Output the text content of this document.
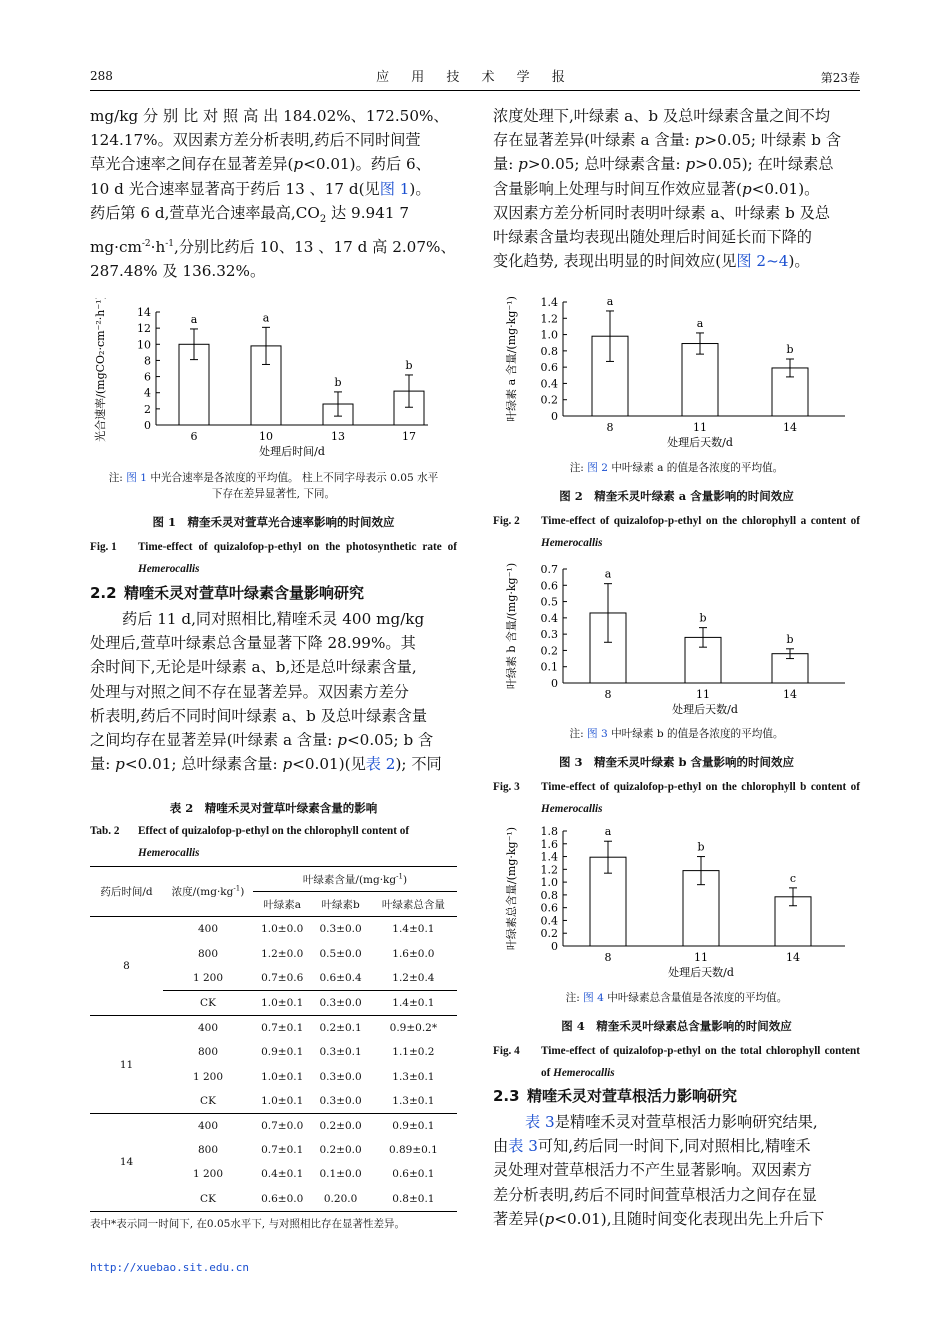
288	应 用 技 术 学 报	第23卷

mg/kg 分 别 比 对 照 高 出 184.02%、172.50%、
124.17%。双因素方差分析表明,药后不同时间萱
草光合速率之间存在显著差异(p<0.01)。药后 6、
10 d 光合速率显著高于药后 13 、17 d(见图 1)。
药后第 6 d,萱草光合速率最高$,CO_2$ 达 9.941 7
$mg\cdot cm^{-2}\cdot h^{-1}$,分别比药后 10、13 、17 d 高 2.07%、
287.48% 及 136.32%。

0
2
4
6
8
10
12
14
光合速率/(mgCO₂·cm⁻²·h⁻¹)	a
6
a
10
b
13
b
17
处理后时间/d
注: 图 1 中光合速率是各浓度的平均值。 柱上不同字母表示 0.05 水平
下存在差异显著性, 下同。
图 1　精奎禾灵对萱草光合速率影响的时间效应
Fig. 1	Time-effect of quizalofop-p-ethyl on the photosynthetic rate of Hemerocallis
2.2 精喹禾灵对萱草叶绿素含量影响研究

药后 11 d,同对照相比,精喹禾灵 400 mg/kg
处理后,萱草叶绿素总含量显著下降 28.99%。其
余时间下,无论是叶绿素 a、b,还是总叶绿素含量,
处理与对照之间不存在显著差异。双因素方差分
析表明,药后不同时间叶绿素 a、b 及总叶绿素含量
之间均存在显著差异(叶绿素 a 含量: p<0.05; b 含
量: p<0.01; 总叶绿素含量: p<0.01)(见表 2); 不同

表 2　精喹禾灵对萱草叶绿素含量的影响
Tab. 2	Effect of quizalofop-p-ethyl on the chlorophyll content of Hemerocallis
药后时间/d	浓度$/(mg\cdot kg^{-1})$	叶绿素含量$/(mg\cdot kg^{-1})$		
		叶绿素a	叶绿素b	叶绿素总含量
8	400	1.0±0.0	0.3±0.0	1.4±0.1
	800	1.2±0.0	0.5±0.0	1.6±0.0
	1 200	0.7±0.6	0.6±0.4	1.2±0.4
	CK	1.0±0.1	0.3±0.0	1.4±0.1
11	400	0.7±0.1	0.2±0.1	0.9±0.2*
	800	0.9±0.1	0.3±0.1	1.1±0.2
	1 200	1.0±0.1	0.3±0.0	1.3±0.1
	CK	1.0±0.1	0.3±0.0	1.3±0.1
14	400	0.7±0.0	0.2±0.0	0.9±0.1
	800	0.7±0.1	0.2±0.0	0.89±0.1
	1 200	0.4±0.1	0.1±0.0	0.6±0.1
	CK	0.6±0.0	0.20.0	0.8±0.1
表中*表示同一时间下, 在0.05水平下, 与对照相比存在显著性差异。

浓度处理下,叶绿素 a、b 及总叶绿素含量之间不均
存在显著差异(叶绿素 a 含量: p>0.05; 叶绿素 b 含
量: p>0.05; 总叶绿素含量: p>0.05); 在叶绿素总
含量影响上处理与时间互作效应显著(p<0.01)。
双因素方差分析同时表明叶绿素 a、叶绿素 b 及总
叶绿素含量均表现出随处理后时间延长而下降的
变化趋势, 表现出明显的时间效应(见图 2~4)。

0
0.2
0.4
0.6
0.8
1.0
1.2
1.4
叶绿素 a 含量/(mg·kg⁻¹)	a
8
a
11
b
14
处理后天数/d
注: 图 2 中叶绿素 a 的值是各浓度的平均值。
图 2　精奎禾灵叶绿素 a 含量影响的时间效应
Fig. 2	Time-effect of quizalofop-p-ethyl on the chlorophyll a content of Hemerocallis
0
0.1
0.2
0.3
0.4
0.5
0.6
0.7
叶绿素 b 含量/(mg·kg⁻¹)	a
8
b
11
b
14
处理后天数/d
注: 图 3 中叶绿素 b 的值是各浓度的平均值。
图 3　精奎禾灵叶绿素 b 含量影响的时间效应
Fig. 3	Time-effect of quizalofop-p-ethyl on the chlorophyll b content of Hemerocallis
0
0.2
0.4
0.6
0.8
1.0
1.2
1.4
1.6
1.8
叶绿素总含量/(mg·kg⁻¹)	a
8
b
11
c
14
处理后天数/d
注: 图 4 中叶绿素总含量值是各浓度的平均值。
图 4　精奎禾灵叶绿素总含量影响的时间效应
Fig. 4	Time-effect of quizalofop-p-ethyl on the total chlorophyll content of Hemerocallis
2.3 精喹禾灵对萱草根活力影响研究

表 3是精喹禾灵对萱草根活力影响研究结果,
由表 3可知,药后同一时间下,同对照相比,精喹禾
灵处理对萱草根活力不产生显著影响。双因素方
差分析表明,药后不同时间萱草根活力之间存在显
著差异(p<0.01),且随时间变化表现出先上升后下

http://xuebao.sit.edu.cn
